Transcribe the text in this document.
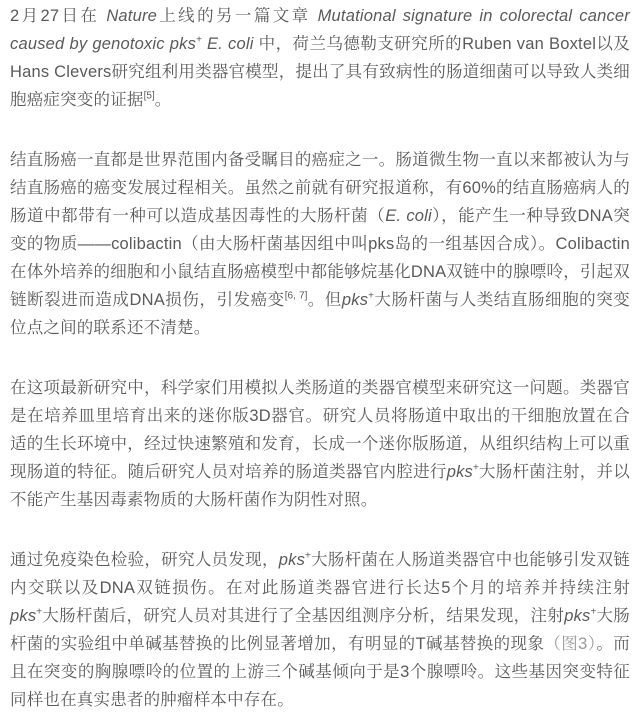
2月27日在 Nature上线的另一篇文章 Mutational signature in colorectal cancer caused by genotoxic pks+ E. coli 中，荷兰乌德勒支研究所的Ruben van Boxtel以及Hans Clevers研究组利用类器官模型，提出了具有致病性的肠道细菌可以导致人类细胞癌症突变的证据[5]。

结直肠癌一直都是世界范围内备受瞩目的癌症之一。肠道微生物一直以来都被认为与结直肠癌的癌变发展过程相关。虽然之前就有研究报道称，有60%的结直肠癌病人的肠道中都带有一种可以造成基因毒性的大肠杆菌（E. coli），能产生一种导致DNA突变的物质——colibactin（由大肠杆菌基因组中叫pks岛的一组基因合成）。Colibactin在体外培养的细胞和小鼠结直肠癌模型中都能够烷基化DNA双链中的腺嘌呤，引起双链断裂进而造成DNA损伤，引发癌变[6, 7]。但pks+大肠杆菌与人类结直肠细胞的突变位点之间的联系还不清楚。

在这项最新研究中，科学家们用模拟人类肠道的类器官模型来研究这一问题。类器官是在培养皿里培育出来的迷你版3D器官。研究人员将肠道中取出的干细胞放置在合适的生长环境中，经过快速繁殖和发育，长成一个迷你版肠道，从组织结构上可以重现肠道的特征。随后研究人员对培养的肠道类器官内腔进行pks+大肠杆菌注射，并以不能产生基因毒素物质的大肠杆菌作为阴性对照。

通过免疫染色检验，研究人员发现，pks+大肠杆菌在人肠道类器官中也能够引发双链内交联以及DNA双链损伤。在对此肠道类器官进行长达5个月的培养并持续注射pks+大肠杆菌后，研究人员对其进行了全基因组测序分析，结果发现，注射pks+大肠杆菌的实验组中单碱基替换的比例显著增加，有明显的T碱基替换的现象（图3）。而且在突变的胸腺嘌呤的位置的上游三个碱基倾向于是3个腺嘌呤。这些基因突变特征同样也在真实患者的肿瘤样本中存在。
